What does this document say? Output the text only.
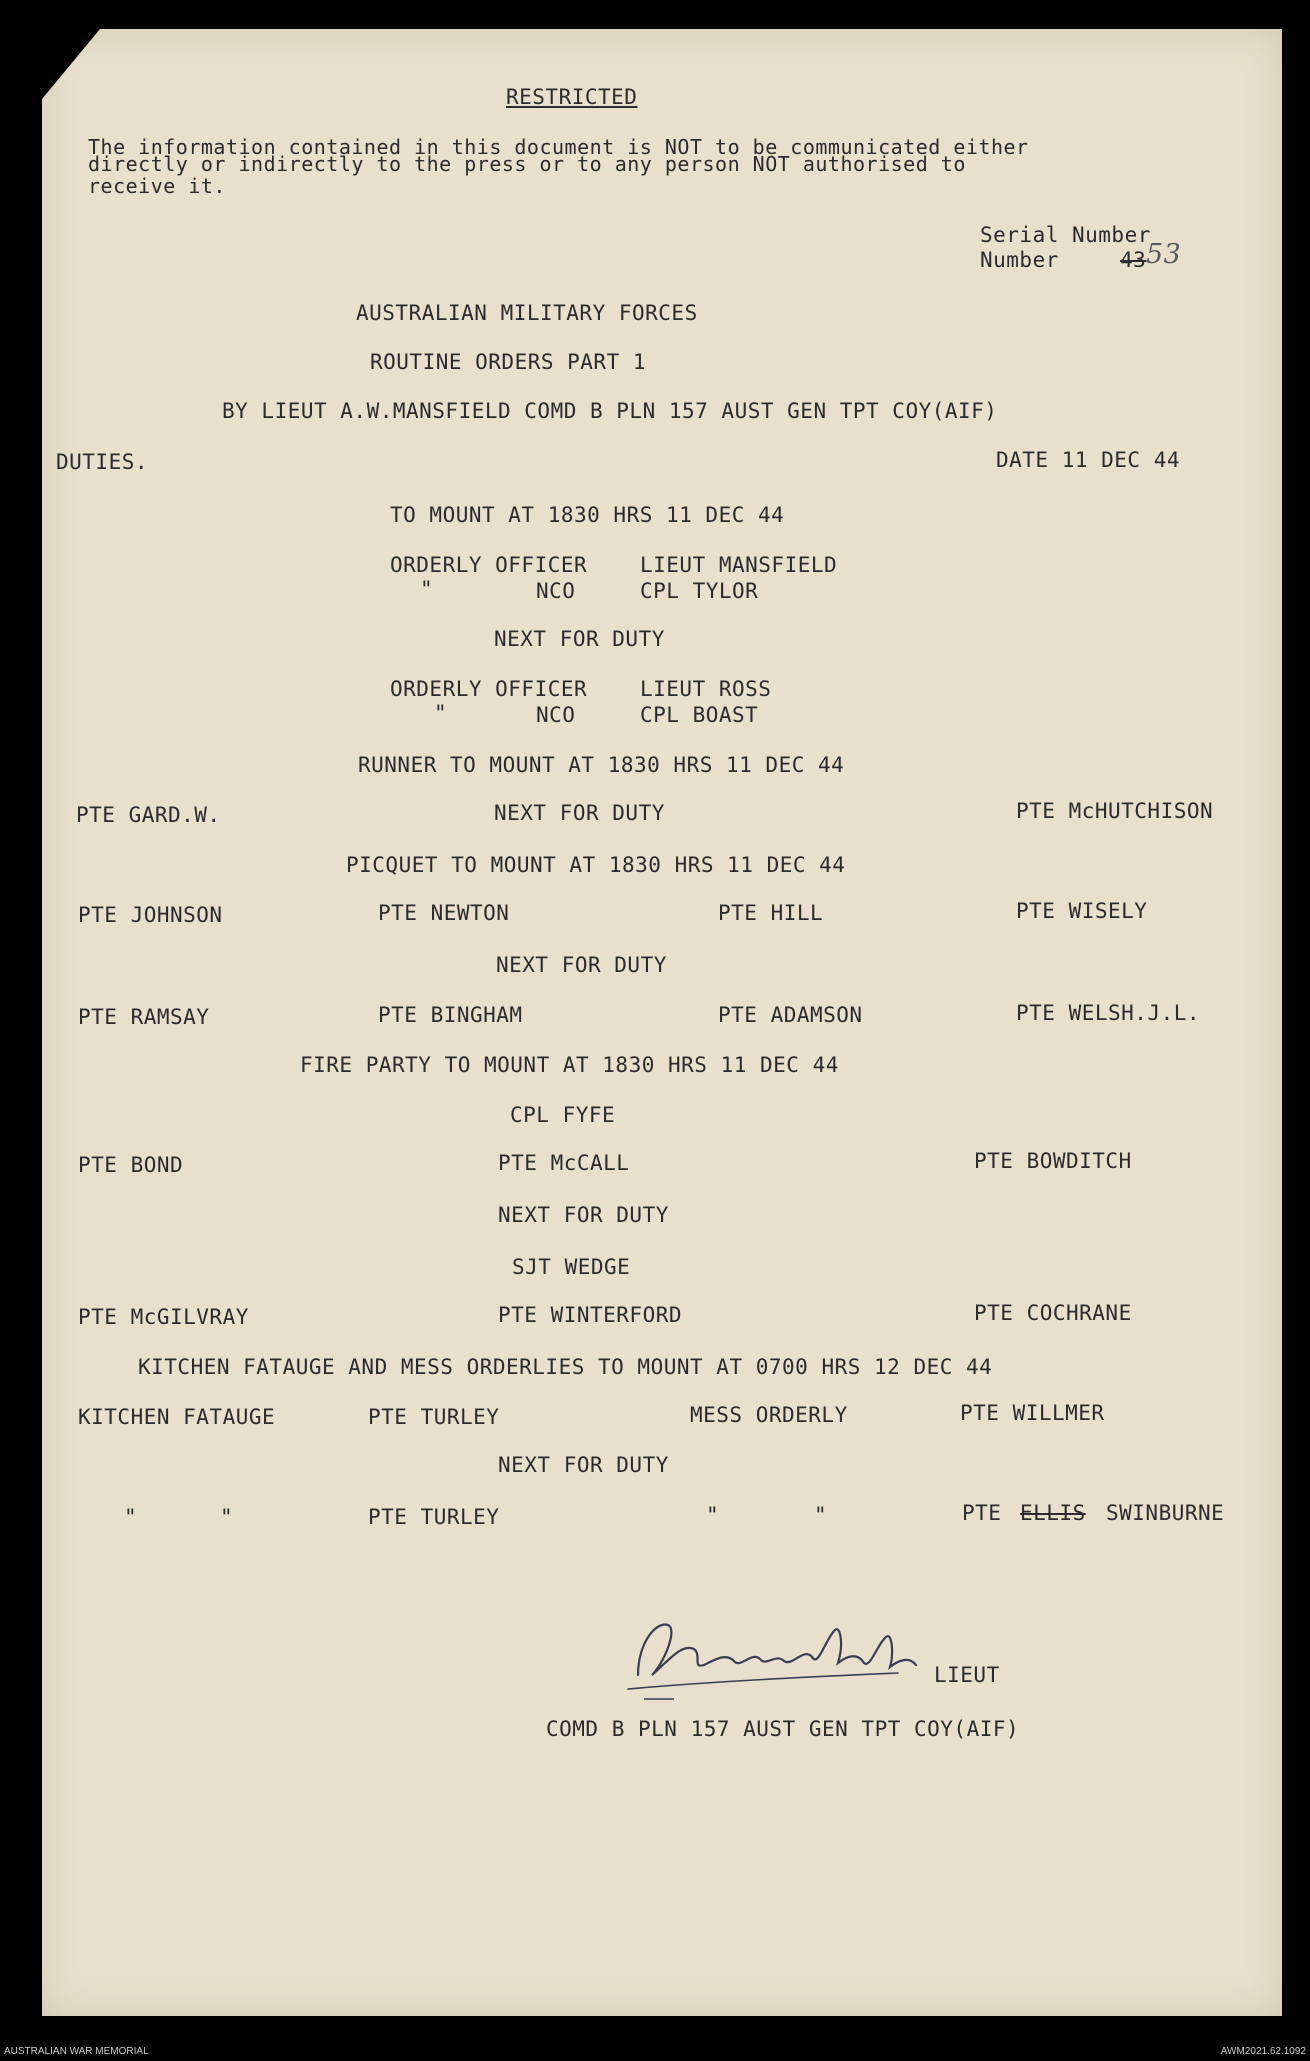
RESTRICTED
The information contained in this document is NOT to be communicated either
directly or indirectly to the press or to any person NOT authorised to
receive it.
Serial Number
Number	43 53
AUSTRALIAN MILITARY FORCES
ROUTINE ORDERS PART 1
BY LIEUT A.W.MANSFIELD COMD B PLN 157 AUST GEN TPT COY(AIF)
DUTIES.	DATE 11 DEC 44
TO MOUNT AT 1830 HRS 11 DEC 44
ORDERLY OFFICER	LIEUT MANSFIELD
"	NCO	CPL TYLOR
NEXT FOR DUTY
ORDERLY OFFICER	LIEUT ROSS
"	NCO	CPL BOAST
RUNNER TO MOUNT AT 1830 HRS 11 DEC 44
PTE GARD.W.	NEXT FOR DUTY	PTE McHUTCHISON
PICQUET TO MOUNT AT 1830 HRS 11 DEC 44
PTE JOHNSON	PTE NEWTON	PTE HILL	PTE WISELY
NEXT FOR DUTY
PTE RAMSAY	PTE BINGHAM	PTE ADAMSON	PTE WELSH.J.L.
FIRE PARTY TO MOUNT AT 1830 HRS 11 DEC 44
CPL FYFE
PTE BOND	PTE McCALL	PTE BOWDITCH
NEXT FOR DUTY
SJT WEDGE
PTE McGILVRAY	PTE WINTERFORD	PTE COCHRANE
KITCHEN FATAUGE AND MESS ORDERLIES TO MOUNT AT 0700 HRS 12 DEC 44
KITCHEN FATAUGE	PTE TURLEY	MESS ORDERLY	PTE WILLMER
NEXT FOR DUTY
"	"	PTE TURLEY	"	"	PTE ELLIS SWINBURNE
LIEUT
COMD B PLN 157 AUST GEN TPT COY(AIF)
AUSTRALIAN WAR MEMORIAL	AWM2021.62.1092
